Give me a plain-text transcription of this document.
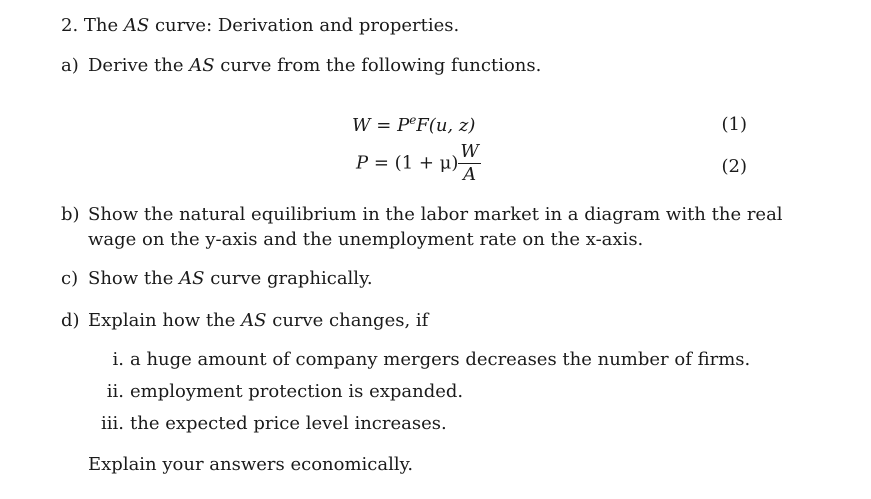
2. The AS curve: Derivation and properties.
a) Derive the AS curve from the following functions.
$W = P^eF(u$, z)	(1)
$P = (1 + \mu) \frac{W}{A}$	(2)
b) Show the natural equilibrium in the labor market in a diagram with the real
wage on the y-axis and the unemployment rate on the x-axis.
c) Show the AS curve graphically.
d) Explain how the AS curve changes, if
i. a huge amount of company mergers decreases the number of firms.
ii. employment protection is expanded.
iii. the expected price level increases.
Explain your answers economically.
